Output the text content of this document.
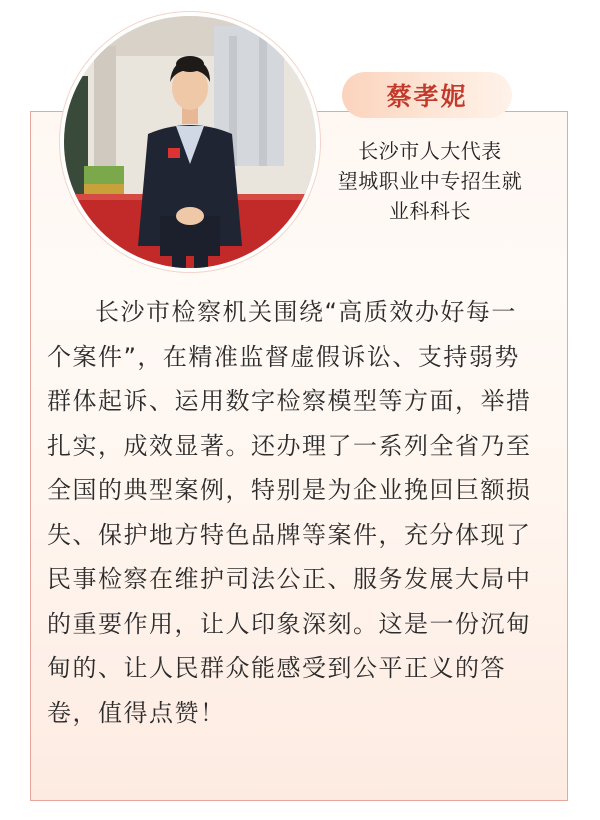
蔡孝妮
长沙市人大代表
望城职业中专招生就
业科科长
长沙市检察机关围绕“高质效办好每一
个案件”，在精准监督虚假诉讼、支持弱势
群体起诉、运用数字检察模型等方面，举措
扎实，成效显著。还办理了一系列全省乃至
全国的典型案例，特别是为企业挽回巨额损
失、保护地方特色品牌等案件，充分体现了
民事检察在维护司法公正、服务发展大局中
的重要作用，让人印象深刻。这是一份沉甸
甸的、让人民群众能感受到公平正义的答
卷，值得点赞！
